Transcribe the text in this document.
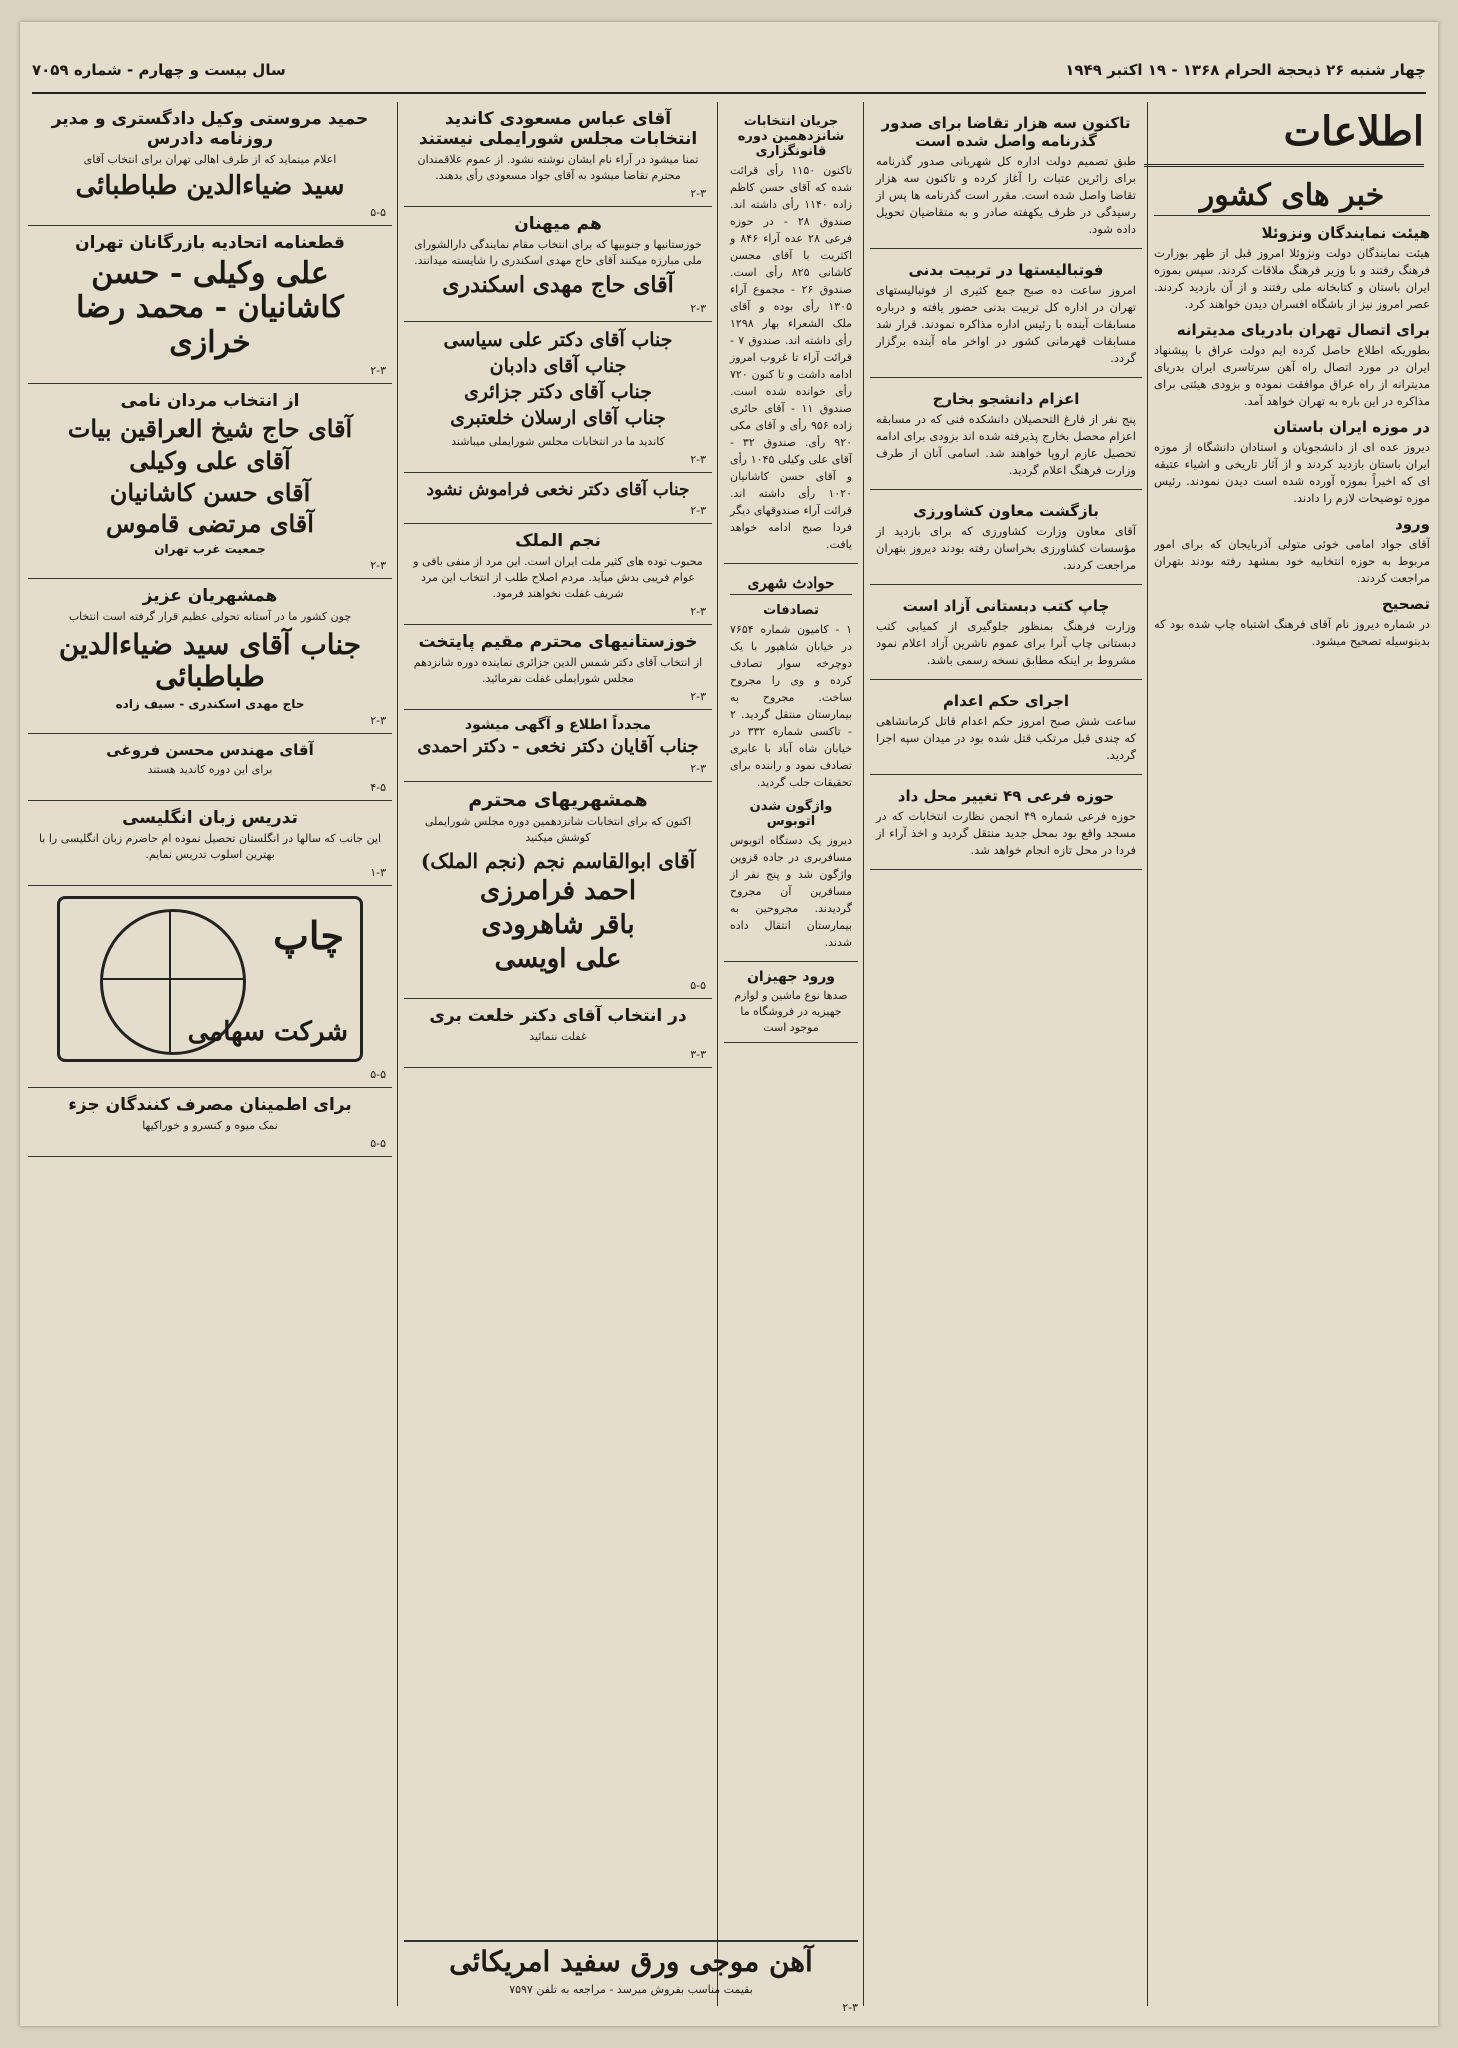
چهار شنبه ۲۶ ذیحجة الحرام ۱۳۶۸ - ۱۹ اکتبر ۱۹۴۹
سال بیست و چهارم - شماره ۷۰۵۹
اطلاعات
خبر های کشور
هیئت نمایندگان ونزوئلا

هیئت نمایندگان دولت ونزوئلا امروز قبل از ظهر بوزارت فرهنگ رفتند و با وزیر فرهنگ ملاقات کردند. سپس بموزه ایران باستان و کتابخانه ملی رفتند و از آن بازدید کردند. عصر امروز نیز از باشگاه افسران دیدن خواهند کرد.

برای اتصال تهران بادریای مدیترانه

بطوریکه اطلاع حاصل کرده ایم دولت عراق با پیشنهاد ایران در مورد اتصال راه آهن سرتاسری ایران بدریای مدیترانه از راه عراق موافقت نموده و بزودی هیئتی برای مذاکره در این باره به تهران خواهد آمد.

در موزه ایران باستان

دیروز عده ای از دانشجویان و استادان دانشگاه از موزه ایران باستان بازدید کردند و از آثار تاریخی و اشیاء عتیقه ای که اخیراً بموزه آورده شده است دیدن نمودند. رئیس موزه توضیحات لازم را دادند.

ورود

آقای جواد امامی خوئی متولی آذربایجان که برای امور مربوط به حوزه انتخابیه خود بمشهد رفته بودند بتهران مراجعت کردند.

تصحیح

در شماره دیروز نام آقای فرهنگ اشتباه چاپ شده بود که بدینوسیله تصحیح میشود.

تاکنون سه هزار تقاضا برای صدور گذرنامه واصل شده است

طبق تصمیم دولت اداره کل شهربانی صدور گذرنامه برای زائرین عتبات را آغاز کرده و تاکنون سه هزار تقاضا واصل شده است. مقرر است گذرنامه ها پس از رسیدگی در ظرف یکهفته صادر و به متقاضیان تحویل داده شود.

فوتبالیستها در تربیت بدنی

امروز ساعت ده صبح جمع کثیری از فوتبالیستهای تهران در اداره کل تربیت بدنی حضور یافته و درباره مسابقات آینده با رئیس اداره مذاکره نمودند. قرار شد مسابقات قهرمانی کشور در اواخر ماه آینده برگزار گردد.

اعزام دانشجو بخارج

پنج نفر از فارغ التحصیلان دانشکده فنی که در مسابقه اعزام محصل بخارج پذیرفته شده اند بزودی برای ادامه تحصیل عازم اروپا خواهند شد. اسامی آنان از طرف وزارت فرهنگ اعلام گردید.

بازگشت معاون کشاورزی

آقای معاون وزارت کشاورزی که برای بازدید از مؤسسات کشاورزی بخراسان رفته بودند دیروز بتهران مراجعت کردند.

چاپ کتب دبستانی آزاد است

وزارت فرهنگ بمنظور جلوگیری از کمیابی کتب دبستانی چاپ آنرا برای عموم ناشرین آزاد اعلام نمود مشروط بر اینکه مطابق نسخه رسمی باشد.

اجرای حکم اعدام

ساعت شش صبح امروز حکم اعدام قاتل کرمانشاهی که چندی قبل مرتکب قتل شده بود در میدان سپه اجرا گردید.

حوزه فرعی ۴۹ تغییر محل داد

حوزه فرعی شماره ۴۹ انجمن نظارت انتخابات که در مسجد واقع بود بمحل جدید منتقل گردید و اخذ آراء از فردا در محل تازه انجام خواهد شد.

جریان انتخابات شانزدهمین دوره قانونگزاری

تاکنون ۱۱۵۰ رأی قرائت شده که آقای حسن کاظم زاده ۱۱۴۰ رأی داشته اند. صندوق ۲۸ - در حوزه فرعی ۲۸ عده آراء ۸۴۶ و اکثریت با آقای محسن کاشانی ۸۲۵ رأی است. صندوق ۲۶ - مجموع آراء ۱۳۰۵ رأی بوده و آقای ملک الشعراء بهار ۱۲۹۸ رأی داشته اند. صندوق ۷ - قرائت آراء تا غروب امروز ادامه داشت و تا کنون ۷۲۰ رأی خوانده شده است. صندوق ۱۱ - آقای حائری زاده ۹۵۶ رأی و آقای مکی ۹۲۰ رأی. صندوق ۳۲ - آقای علی وکیلی ۱۰۴۵ رأی و آقای حسن کاشانیان ۱۰۲۰ رأی داشته اند. قرائت آراء صندوقهای دیگر فردا صبح ادامه خواهد یافت.

حوادث شهری
تصادفات

۱ - کامیون شماره ۷۶۵۴ در خیابان شاهپور با یک دوچرخه سوار تصادف کرده و وی را مجروح ساخت. مجروح به بیمارستان منتقل گردید. ۲ - تاکسی شماره ۳۳۲ در خیابان شاه آباد با عابری تصادف نمود و راننده برای تحقیقات جلب گردید.

واژگون شدن اتوبوس

دیروز یک دستگاه اتوبوس مسافربری در جاده قزوین واژگون شد و پنج نفر از مسافرین آن مجروح گردیدند. مجروحین به بیمارستان انتقال داده شدند.

ورود جهیزان
صدها نوع ماشین و لوازم جهیزیه در فروشگاه ما موجود است
آقای عباس مسعودی کاندید انتخابات مجلس شورایملی نیستند
تمنا میشود در آراء نام ایشان نوشته نشود. از عموم علاقمندان محترم تقاضا میشود به آقای جواد مسعودی رأی بدهند.
۲-۳
هم میهنان
خوزستانیها و جنوبیها که برای انتخاب مقام نمایندگی دارالشورای ملی مبارزه میکنند آقای حاج مهدی اسکندری را شایسته میدانند.
آقای حاج مهدی اسکندری
۲-۳
جناب آقای دکتر علی سیاسی
جناب آقای دادبان
جناب آقای دکتر جزائری
جناب آقای ارسلان خلعتبری
کاندید ما در انتخابات مجلس شورایملی میباشند
۲-۳
جناب آقای دکتر نخعی فراموش نشود
۲-۳
نجم الملک
محبوب توده های کثیر ملت ایران است. این مرد از منفی بافی و عوام فریبی بدش میآید. مردم اصلاح طلب از انتخاب این مرد شریف غفلت نخواهند فرمود.
۲-۳
خوزستانیهای محترم مقیم پایتخت
از انتخاب آقای دکتر شمس الدین جزائری نماینده دوره شانزدهم مجلس شورایملی غفلت نفرمائید.
۲-۳
مجدداً اطلاع و آگهی میشود
جناب آقایان دکتر نخعی - دکتر احمدی
۲-۳
همشهریهای محترم
اکنون که برای انتخابات شانزدهمین دوره مجلس شورایملی کوشش میکنید
آقای ابوالقاسم نجم (نجم الملک)
احمد فرامرزی
باقر شاهرودی
علی اویسی
۵-۵
در انتخاب آقای دکتر خلعت بری
غفلت ننمائید
۳-۳
حمید مروستی وکیل دادگستری و مدیر روزنامه دادرس
اعلام مینماید که از طرف اهالی تهران برای انتخاب آقای
سید ضیاءالدین طباطبائی
۵-۵
قطعنامه اتحادیه بازرگانان تهران
علی وکیلی - حسن کاشانیان - محمد رضا خرازی
۲-۳
از انتخاب مردان نامی
آقای حاج شیخ العراقین بیات
آقای علی وکیلی
آقای حسن کاشانیان
آقای مرتضی قاموس
جمعیت غرب تهران
۲-۳
همشهریان عزیز
چون کشور ما در آستانه تحولی عظیم قرار گرفته است انتخاب
جناب آقای سید ضیاءالدین طباطبائی
حاج مهدی اسکندری - سیف زاده
۲-۳
آقای مهندس محسن فروغی
برای این دوره کاندید هستند
۴-۵
تدریس زبان انگلیسی
این جانب که سالها در انگلستان تحصیل نموده ام حاضرم زبان انگلیسی را با بهترین اسلوب تدریس نمایم.
۱-۳
چاپ
شرکت سهامی
۵-۵
برای اطمینان مصرف کنندگان جزء
نمک میوه و کنسرو و خوراکیها
۵-۵
آهن موجی ورق سفید امریکائی
بقیمت مناسب بفروش میرسد - مراجعه به تلفن ۷۵۹۷
۲-۳
